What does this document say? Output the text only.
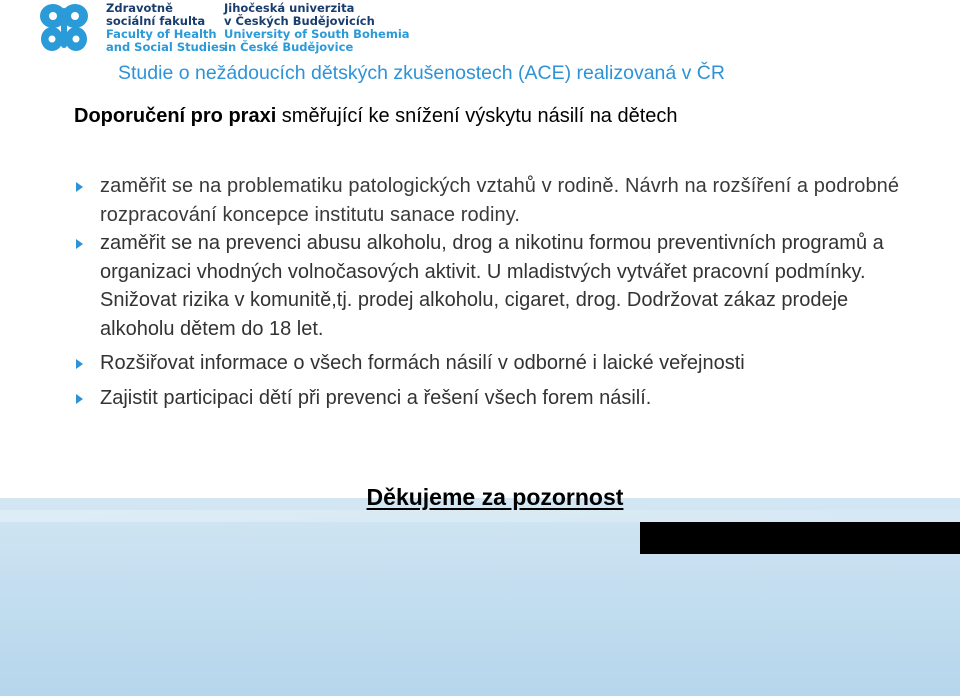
Zdravotně
sociální fakulta
Faculty of Health
and Social Studies
Jihočeská univerzita
v Českých Budějovicích
University of South Bohemia
in České Budějovice
Studie o nežádoucích dětských zkušenostech (ACE) realizovaná v ČR
Doporučení pro praxi směřující ke snížení výskytu násilí na dětech
zaměřit se na problematiku patologických vztahů v rodině. Návrh na rozšíření a podrobné rozpracování koncepce institutu sanace rodiny.
zaměřit se na prevenci abusu alkoholu, drog a nikotinu formou preventivních programů a organizaci vhodných volnočasových aktivit. U mladistvých vytvářet pracovní podmínky. Snižovat rizika v komunitě,tj. prodej alkoholu, cigaret, drog. Dodržovat zákaz prodeje alkoholu dětem do 18 let.
Rozšiřovat informace o všech formách násilí v odborné i laické veřejnosti
Zajistit participaci dětí při prevenci a řešení všech forem násilí.
Děkujeme za pozornost
